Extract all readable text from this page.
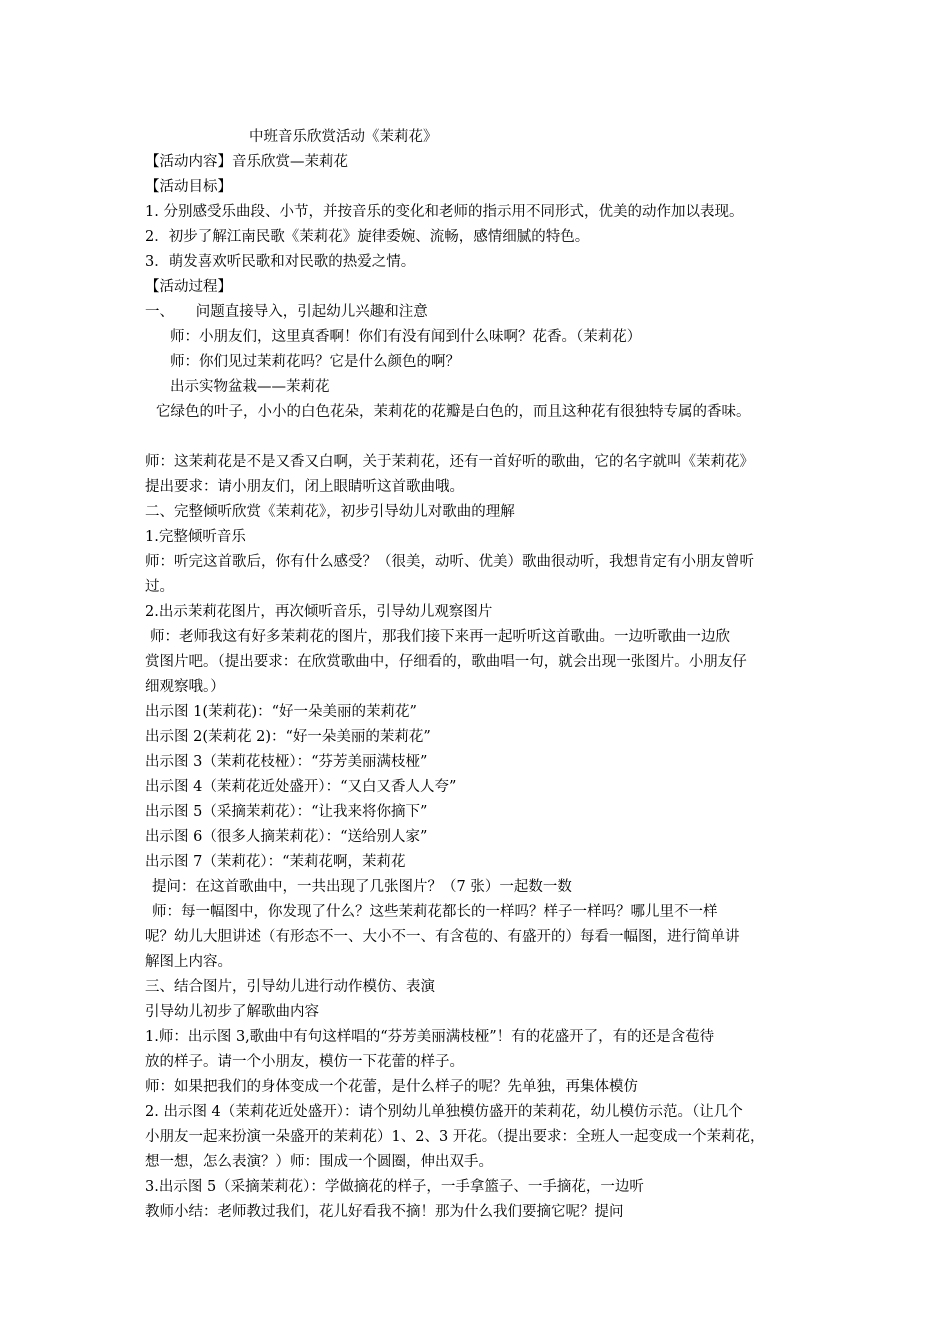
中班音乐欣赏活动《茉莉花》
【活动内容】音乐欣赏—茉莉花
【活动目标】
1. 分别感受乐曲段、小节，并按音乐的变化和老师的指示用不同形式，优美的动作加以表现。
2．初步了解江南民歌《茉莉花》旋律委婉、流畅，感情细腻的特色。
3．萌发喜欢听民歌和对民歌的热爱之情。
【活动过程】
一、　　问题直接导入，引起幼儿兴趣和注意
师：小朋友们，这里真香啊！你们有没有闻到什么味啊？花香。（茉莉花）
师：你们见过茉莉花吗？它是什么颜色的啊？
出示实物盆栽——茉莉花
它绿色的叶子，小小的白色花朵，茉莉花的花瓣是白色的，而且这种花有很独特专属的香味。
师：这茉莉花是不是又香又白啊，关于茉莉花，还有一首好听的歌曲，它的名字就叫《茉莉花》
提出要求：请小朋友们，闭上眼睛听这首歌曲哦。
二、完整倾听欣赏《茉莉花》，初步引导幼儿对歌曲的理解
1.完整倾听音乐
师：听完这首歌后，你有什么感受？（很美，动听、优美）歌曲很动听，我想肯定有小朋友曾听
过。
2.出示茉莉花图片，再次倾听音乐，引导幼儿观察图片
师：老师我这有好多茉莉花的图片，那我们接下来再一起听听这首歌曲。一边听歌曲一边欣
赏图片吧。（提出要求：在欣赏歌曲中，仔细看的，歌曲唱一句，就会出现一张图片。小朋友仔
细观察哦。）
出示图 1(茉莉花)：“好一朵美丽的茉莉花”
出示图 2(茉莉花 2)：“好一朵美丽的茉莉花”
出示图 3（茉莉花枝桠）：“芬芳美丽满枝桠”
出示图 4（茉莉花近处盛开）：“又白又香人人夸”
出示图 5（采摘茉莉花）：“让我来将你摘下”
出示图 6（很多人摘茉莉花）：“送给别人家”
出示图 7（茉莉花）：“茉莉花啊，茉莉花
提问：在这首歌曲中，一共出现了几张图片？（7 张）一起数一数
师：每一幅图中，你发现了什么？这些茉莉花都长的一样吗？样子一样吗？哪儿里不一样
呢？幼儿大胆讲述（有形态不一、大小不一、有含苞的、有盛开的）每看一幅图，进行简单讲
解图上内容。
三、结合图片，引导幼儿进行动作模仿、表演
引导幼儿初步了解歌曲内容
1.师：出示图 3,歌曲中有句这样唱的“芬芳美丽满枝桠”！有的花盛开了，有的还是含苞待
放的样子。请一个小朋友，模仿一下花蕾的样子。
师：如果把我们的身体变成一个花蕾，是什么样子的呢？先单独，再集体模仿
2. 出示图 4（茉莉花近处盛开）：请个别幼儿单独模仿盛开的茉莉花，幼儿模仿示范。（让几个
小朋友一起来扮演一朵盛开的茉莉花）1、2、3 开花。（提出要求：全班人一起变成一个茉莉花，
想一想，怎么表演？）师：围成一个圆圈，伸出双手。
3.出示图 5（采摘茉莉花）：学做摘花的样子，一手拿篮子、一手摘花，一边听
教师小结：老师教过我们，花儿好看我不摘！那为什么我们要摘它呢？提问
